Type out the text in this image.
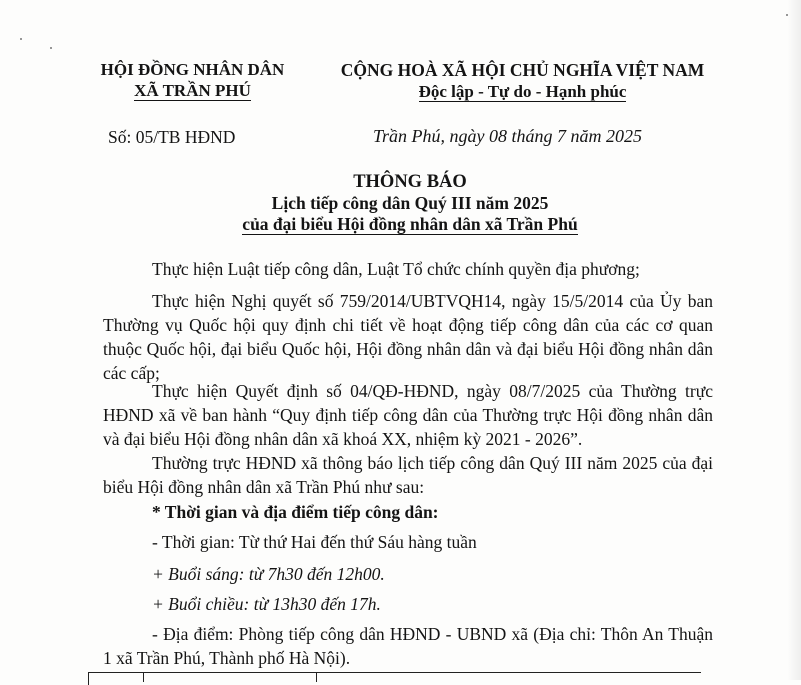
HỘI ĐỒNG NHÂN DÂN
XÃ TRẦN PHÚ
CỘNG HOÀ XÃ HỘI CHỦ NGHĨA VIỆT NAM
Độc lập - Tự do - Hạnh phúc
Số: 05/TB HĐND	Trần Phú, ngày 08 tháng 7 năm 2025
THÔNG BÁO
Lịch tiếp công dân Quý III năm 2025
của đại biểu Hội đồng nhân dân xã Trần Phú
Thực hiện Luật tiếp công dân, Luật Tổ chức chính quyền địa phương;
Thực hiện Nghị quyết số 759/2014/UBTVQH14, ngày 15/5/2014 của Ủy ban Thường vụ Quốc hội quy định chi tiết về hoạt động tiếp công dân của các cơ quan thuộc Quốc hội, đại biểu Quốc hội, Hội đồng nhân dân và đại biểu Hội đồng nhân dân các cấp;
Thực hiện Quyết định số 04/QĐ-HĐND, ngày 08/7/2025 của Thường trực HĐND xã về ban hành “Quy định tiếp công dân của Thường trực Hội đồng nhân dân và đại biểu Hội đồng nhân dân xã khoá XX, nhiệm kỳ 2021 - 2026”.
Thường trực HĐND xã thông báo lịch tiếp công dân Quý III năm 2025 của đại biểu Hội đồng nhân dân xã Trần Phú như sau:
* Thời gian và địa điểm tiếp công dân:
- Thời gian: Từ thứ Hai đến thứ Sáu hàng tuần
+ Buổi sáng: từ 7h30 đến 12h00.
+ Buổi chiều: từ 13h30 đến 17h.
- Địa điểm: Phòng tiếp công dân HĐND - UBND xã (Địa chỉ: Thôn An Thuận 1 xã Trần Phú, Thành phố Hà Nội).
